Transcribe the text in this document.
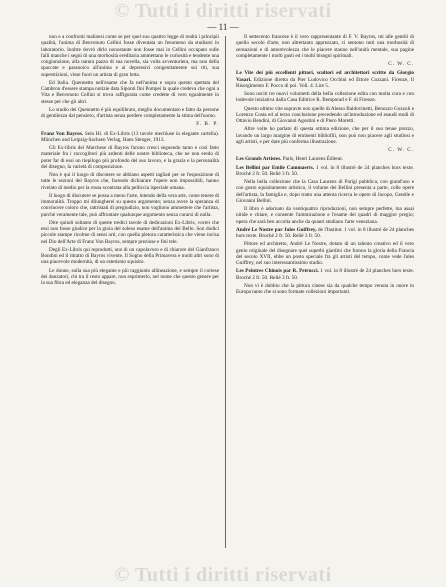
© Tutti i diritti riservati
— 11 —

non e a confronti malinesi come se per quel suo quattro legge di realtà i principii qualità, l'anima di Benvenuto Cellini fosse diventata un fenomeno da studiarsi in laboratorio. Inoltre dovrò dirlo nonostante non fosse mai in Cellini occupato sulle falli manche i segni di una morbosità ereditaria ammettano le curiosità e tendente una congiunzione, alla natura pazzo di sua novella, sia volta avventuriera, ma non della spaccate e paranoico all'anima e ai depressivi congenitamente sui riti, sua superstizioni, visse fuori un artista di gran lotta.

Ed Italia. Quennetto nell'esame che fa nell'anima e sopra questo spettata del Cambron d'essere stampa notizie data Siponti fini Pompei la quale credeva che ogni a Vita e Benvenuto Cellini si trova raffigurata come credette di vero egualmente in stesse per che gli altri.

Lo studio dei Quennetto è più equilibrato, meglio documentato e fatto da persone di gentilezza dal pensiero, d'artista senza perdere completamente la stima dell'uomo.

F. B. P.

Franz Von Bayros. Sein Hi. di Ex-Libris (13 tavole mechiuse in elegante cartella). München und Leipzig-Sachsen Verlag, Hans Stenger, 1913.

Gli Ex-libris del Marchese di Bayros furono cresci seguendo tanto e così fatto materiale fra i raccoglitori più ardenti delle nostre biblioteca, che ne non eredo di poter far di essi un riepilogo più profondo del suo lavoro, e la grazia e la personalità del disegno, la varietà di composizione.

Non è qui il luogo di discutere se abbiano aspetti tagliati per se l'esposizione di tutte le sezioni del Bayros che, facendo dichiarare l'opere non impossibili, hanno rivelato di medio per la rossa scontrata alla pelliccia ispeciale umana.

Il luogo di discutere se possa a meno l'arte, intendo della vera arte, come tenere di immoralità. Troppo mi dilungherei su questo argomento; senza avere la speranza di convincere coloro che, rattristati di pregiudizio, non vogliono ammettere che l'artista, purché veramente tale, può affrontare qualunque argomento senza curarsi di nulla.

Dire quindi soltanto di queste tredici tavole di dedicazioni Ex-Libris, vorrei che essi non fosse giudice per la gioia del soleso esame dell'anima del Bello. Son dodici piccole stampe ricolme di sensi arti, con quella pletora caratteristica che viene incisa nel Dio dell'Arte di Franz Von Bayros, sempre preziose e fini tele.

Degli Ex-Libris qui reprodotti, uno di un capolavoro e di chiarore del Gianfranco Bondini ed il ritratto di Bayros vivente. Il Sogno della Primavera e molti altri sono di una piacevole modernità, di un estetismo squisito.

Le donne, sulla sua più elegante e più raggiunto allineazione, e sempre il cortese dei danzatori, chi tra il resto appare, non esprimerlo, nel nome che questo genere per la sua fibra ed eleganza del disegno.

Il settecento francese è il vero rappresentante di F. V. Bayros, mi alle gentili di quello secolo d'arte, non altrettanto apprezzato, ci sentono tutti una morbosità di sensazioni e di amorevolezza che le piacere stanno nell'unità mentale, sua pagine completamente i molti gusti ed i molti bisogni spirituali.

C. W. C.

Le Vite dei più eccellenti pittori, scultori ed architettori scritte da Giorgio Vasari. Edizione diretta da Pier Ludovico Occhini ed Ettore Cozzani. Firenze, Il Risorgimento F. Pocco di poi. Voll. 4. Lire 5.

Sono usciti tre nuovi volumetti della bella collezione edita con molta cura e con lodevole iniziativa dalla Casa Editrice R. Bemporad e F. di Firenze.

Questo ultimo vite sopravte non quelle di Alesso Baldovinetti, Benozzo Gozzoli e Lorenzo Costa ed al terzo conclusione precedendo un'introduzione ed esaudì studi di Ottavio Bendini, di Giovanni Agostini e di Piero Moretti.

Altre volte ho parlato di questa ottima edizione, che per il suo tenue prezzo, lavando un largo margine di eminenti bibliofili, non può non piacere agli studiosi e agli artisti, e per dare più conferma illustrazione.

C. W. C.

Les Grands Artistes. Paris, Henri Laurens Éditeur.

Les Bellini par Emile Cammaerts. 1 vol. in 8 illustré de 24 planches hors texte. Broché 2 fr. 50. Relié 3 fr. 50.

Nella bella collezione che la Casa Laurens di Parigi pubblica, con grand'uso e con gusto squisitamente artistico, il volume dei Bellini presenta a parte, colle opere dell'artista, la famiglia e, dopo tratto una attenta ricerca le opere di Jacopo, Gentile e Giovanni Bellini.

Il libro è adornato da ventiquattro riproduzioni, non sempre perfette, ma assai nitide e chiare, e consente l'ammirazione e l'esame dei quadri di maggior pregio; opera che sarà ben accolta anche da quanti studiano l'arte veneziana.

André Le Nostre par Jules Guiffrey, de l'Institut. 1 vol. in 8 illustré de 24 planches hors texte. Broché 2 fr. 50. Relié 3 fr. 50.

Pittore ed architetto, André Le Nostre, dotato di un talento creativo ed il vero genio originale del disegnare quei superbi giardini che furono la gloria della Francia del secolo XVII, ebbe un posto speciale fra gli artisti del tempo, come vede Jules Guiffrey, nel suo interessantissimo studio.

Les Peintres Chinois par R. Petrucci. 1 vol. in 8 illustré de 24 planches hors texte. Broché 2 fr. 50. Relié 3 fr. 50.

Non vi è dubbio che la pittura cinese sia da qualche tempo venuta in onore in Europa tanto che si sono formate collezioni importanti.

© Tutti i diritti riservati
